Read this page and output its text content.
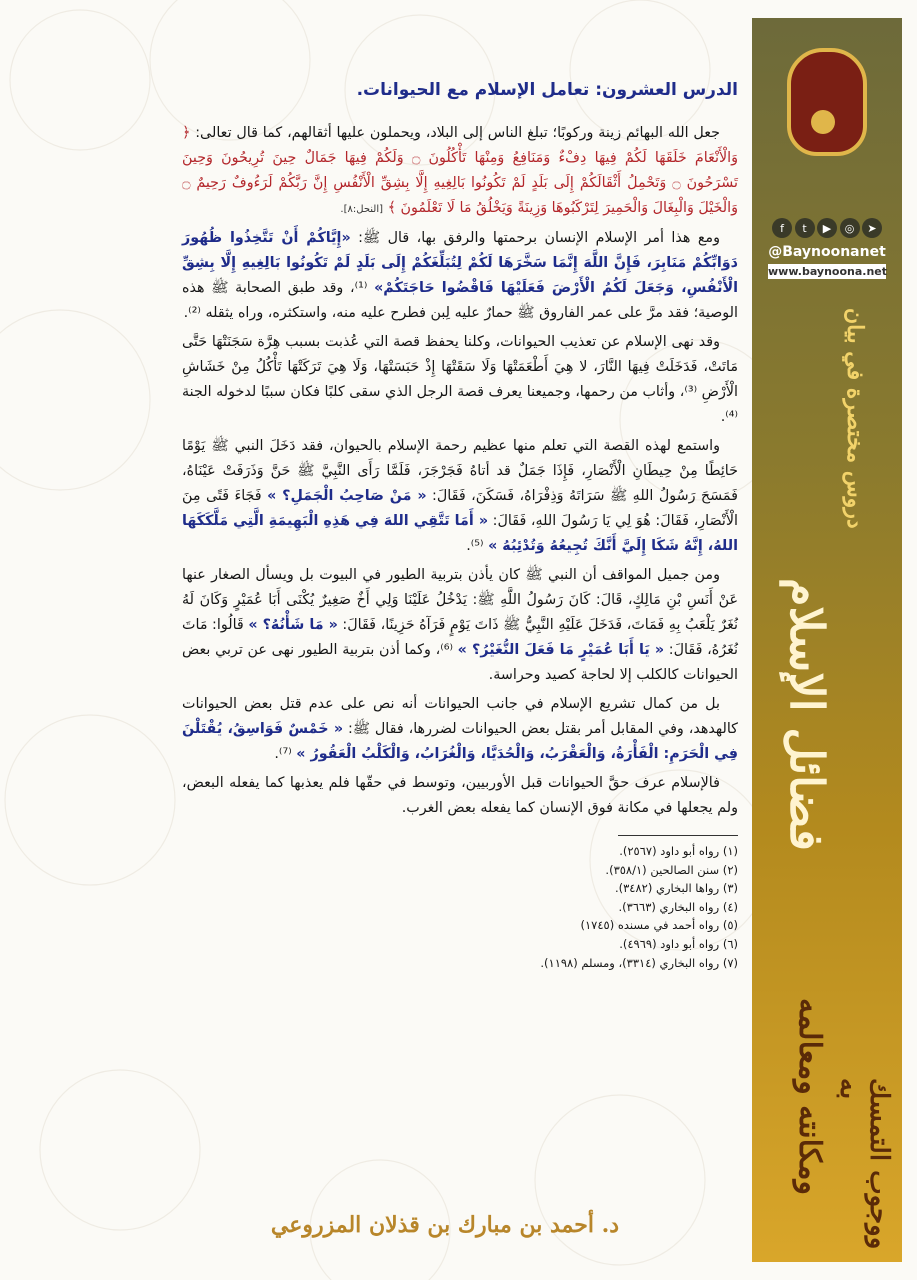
f	t	▶	◎	➤
@Baynoonanet
www.baynoona.net
دروس مختصرة في بيان
فضائل الإسلام
ومكانته ومعالمه	ووجوب التمسك به
الدرس العشرون: تعامل الإسلام مع الحيوانات.

جعل الله البهائم زينة وركوبًا؛ تبلغ الناس إلى البلاد، ويحملون عليها أثقالهم، كما قال تعالى: ﴿ وَالْأَنْعَامَ خَلَقَهَا لَكُمْ فِيهَا دِفْءٌ وَمَنَافِعُ وَمِنْهَا تَأْكُلُونَ ۝ وَلَكُمْ فِيهَا جَمَالٌ حِينَ تُرِيحُونَ وَحِينَ تَسْرَحُونَ ۝ وَتَحْمِلُ أَثْقَالَكُمْ إِلَى بَلَدٍ لَمْ تَكُونُوا بَالِغِيهِ إِلَّا بِشِقِّ الْأَنْفُسِ إِنَّ رَبَّكُمْ لَرَءُوفٌ رَحِيمٌ ۝ وَالْخَيْلَ وَالْبِغَالَ وَالْحَمِيرَ لِتَرْكَبُوهَا وَزِينَةً وَيَخْلُقُ مَا لَا تَعْلَمُونَ ﴾ [النحل:٨].

ومع هذا أمر الإسلام الإنسان برحمتها والرفق بها، قال ﷺ: «إِيَّاكُمْ أَنْ تَتَّخِذُوا ظُهُورَ دَوَابِّكُمْ مَنَابِرَ، فَإِنَّ اللَّهَ إِنَّمَا سَخَّرَهَا لَكُمْ لِتُبَلِّغَكُمْ إِلَى بَلَدٍ لَمْ تَكُونُوا بَالِغِيهِ إِلَّا بِشِقِّ الْأَنْفُسِ، وَجَعَلَ لَكُمُ الْأَرْضَ فَعَلَيْهَا فَاقْضُوا حَاجَتَكُمْ» ⁽¹⁾، وقد طبق الصحابة ﷺ هذه الوصية؛ فقد مرَّ على عمر الفاروق ﷺ حمارٌ عليه لِبن فطرح عليه منه، واستكثره، وراه يثقله ⁽²⁾.

وقد نهى الإسلام عن تعذيب الحيوانات، وكلنا يحفظ قصة التي عُذبت بسبب هِرَّة سَجَنَتْهَا حَتَّى مَاتَتْ، فَدَخَلَتْ فِيهَا النَّارَ، لا هِيَ أَطْعَمَتْهَا وَلَا سَقَتْهَا إِذْ حَبَسَتْهَا، وَلَا هِيَ تَرَكَتْهَا تَأْكُلُ مِنْ خَشَاشِ الْأَرْضِ ⁽³⁾، وأثاب من رحمها، وجميعنا يعرف قصة الرجل الذي سقى كلبًا فكان سببًا لدخوله الجنة ⁽⁴⁾.

واستمع لهذه القصة التي تعلم منها عظيم رحمة الإسلام بالحيوان، فقد دَخَلَ النبي ﷺ يَوْمًا حَائِطًا مِنْ حِيطَانِ الْأَنْصَارِ، فَإِذَا جَمَلٌ قد أتاهُ فَجَرْجَرَ، فَلَمَّا رَأَى النَّبِيَّ ﷺ حَنَّ وَذَرَفَتْ عَيْنَاهُ، فَمَسَحَ رَسُولُ اللهِ ﷺ سَرَاتَهُ وَذِفْرَاهُ، فَسَكَنَ، فَقَالَ: « مَنْ صَاحِبُ الْجَمَلِ؟ » فَجَاءَ فَتًى مِنَ الْأَنْصَارِ، فَقَالَ: هُوَ لِي يَا رَسُولَ اللهِ، فَقَالَ: « أَمَا تَتَّقِي اللهَ فِي هَذِهِ الْبَهِيمَةِ الَّتِي مَلَّكَكَهَا اللهُ، إِنَّهُ شَكَا إِلَيَّ أَنَّكَ تُجِيعُهُ وَتُدْئِبُهُ » ⁽⁵⁾.

ومن جميل المواقف أن النبي ﷺ كان يأذن بتربية الطيور في البيوت بل ويسأل الصغار عنها عَنْ أَنَسِ بْنِ مَالِكٍ، قَالَ: كَانَ رَسُولُ اللَّهِ ﷺ: يَدْخُلُ عَلَيْنَا وَلِي أَخٌ صَغِيرٌ يُكْنَى أَبَا عُمَيْرٍ وَكَانَ لَهُ نُغَرٌ يَلْعَبُ بِهِ فَمَاتَ، فَدَخَلَ عَلَيْهِ النَّبِيُّ ﷺ ذَاتَ يَوْمٍ فَرَآهُ حَزِينًا، فَقَالَ: « مَا شَأْنُهُ؟ » قَالُوا: مَاتَ نُغَرُهُ، فَقَالَ: « يَا أَبَا عُمَيْرٍ مَا فَعَلَ النُّغَيْرُ؟ » ⁽⁶⁾، وكما أذن بتربية الطيور نهى عن تربي بعض الحيوانات كالكلب إلا لحاجة كصيد وحراسة.

بل من كمال تشريع الإسلام في جانب الحيوانات أنه نص على عدم قتل بعض الحيوانات كالهدهد، وفي المقابل أمر بقتل بعض الحيوانات لضررها، فقال ﷺ: « خَمْسٌ فَوَاسِقُ، يُقْتَلْنَ فِي الْحَرَمِ: الْفَأْرَةُ، وَالْعَقْرَبُ، وَالْحُدَيَّا، وَالْغُرَابُ، وَالْكَلْبُ الْعَقُورُ » ⁽⁷⁾.

فالإسلام عرف حقَّ الحيوانات قبل الأوربيين، وتوسط في حقّها فلم يعذبها كما يفعله البعض، ولم يجعلها في مكانة فوق الإنسان كما يفعله بعض الغرب.

(١) رواه أبو داود (٢٥٦٧).

(٢) سنن الصالحين (٣٥٨/١).

(٣) رواها البخاري (٣٤٨٢).

(٤) رواه البخاري (٣٦٦٣).

(٥) رواه أحمد في مسنده (١٧٤٥)

(٦) رواه أبو داود (٤٩٦٩).

(٧) رواه البخاري (٣٣١٤)، ومسلم (١١٩٨).

د. أحمد بن مبارك بن قذلان المزروعي
